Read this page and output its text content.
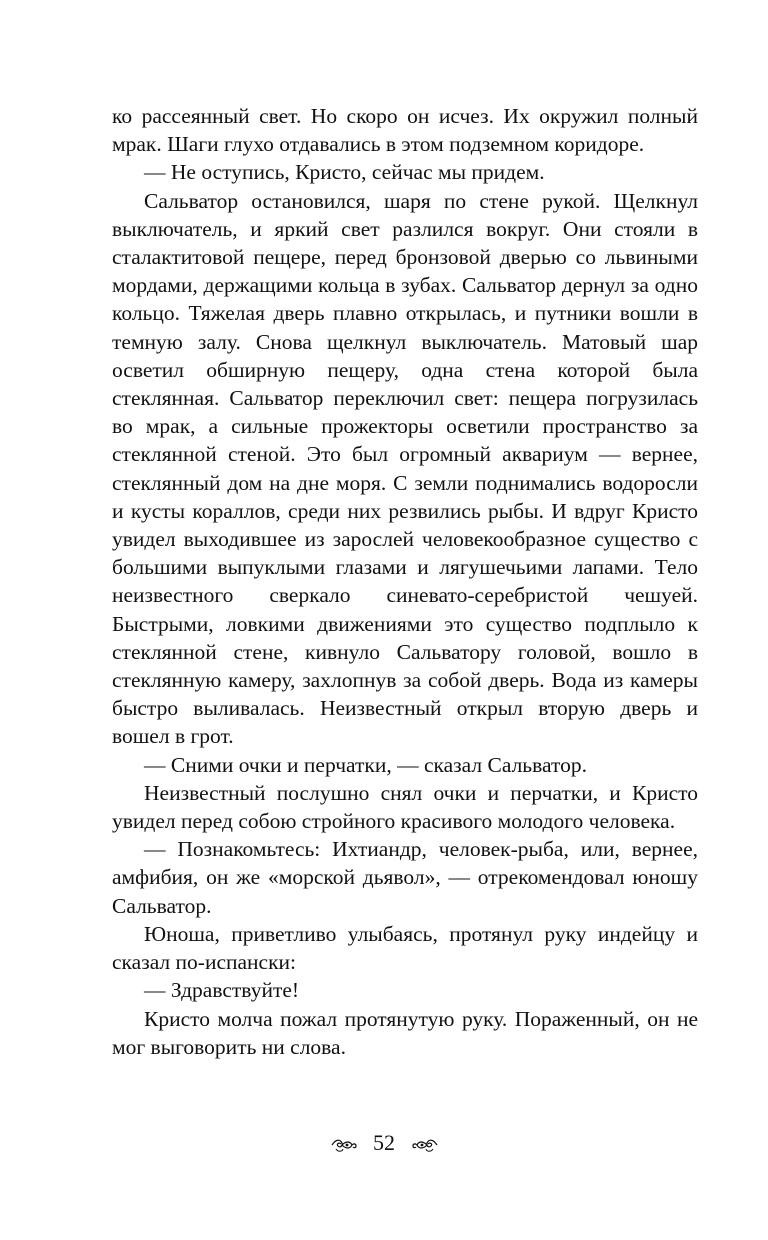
ко рассеянный свет. Но скоро он исчез. Их окружил полный мрак. Шаги глухо отдавались в этом подземном коридоре.

— Не оступись, Кристо, сейчас мы придем.

Сальватор остановился, шаря по стене рукой. Щелкнул выключатель, и яркий свет разлился вокруг. Они стояли в сталактитовой пещере, перед бронзовой дверью со львиными мордами, держащими кольца в зубах. Сальватор дернул за одно кольцо. Тяжелая дверь плавно открылась, и путники вошли в темную залу. Снова щелкнул выключатель. Матовый шар осветил обширную пещеру, одна стена которой была стеклянная. Сальватор переключил свет: пещера погрузилась во мрак, а сильные прожекторы осветили пространство за стеклянной стеной. Это был огромный аквариум — вернее, стеклянный дом на дне моря. С земли поднимались водоросли и кусты кораллов, среди них резвились рыбы. И вдруг Кристо увидел выходившее из зарослей человекообразное существо с большими выпуклыми глазами и лягушечьими лапами. Тело неизвестного сверкало синевато-серебристой чешуей. Быстрыми, ловкими движениями это существо подплыло к стеклянной стене, кивнуло Сальватору головой, вошло в стеклянную камеру, захлопнув за собой дверь. Вода из камеры быстро выливалась. Неизвестный открыл вторую дверь и вошел в грот.

— Сними очки и перчатки, — сказал Сальватор.

Неизвестный послушно снял очки и перчатки, и Кристо увидел перед собою стройного красивого молодого человека.

— Познакомьтесь: Ихтиандр, человек-рыба, или, вернее, амфибия, он же «морской дьявол», — отрекомендовал юношу Сальватор.

Юноша, приветливо улыбаясь, протянул руку индейцу и сказал по-испански:

— Здравствуйте!

Кристо молча пожал протянутую руку. Пораженный, он не мог выговорить ни слова.

52
